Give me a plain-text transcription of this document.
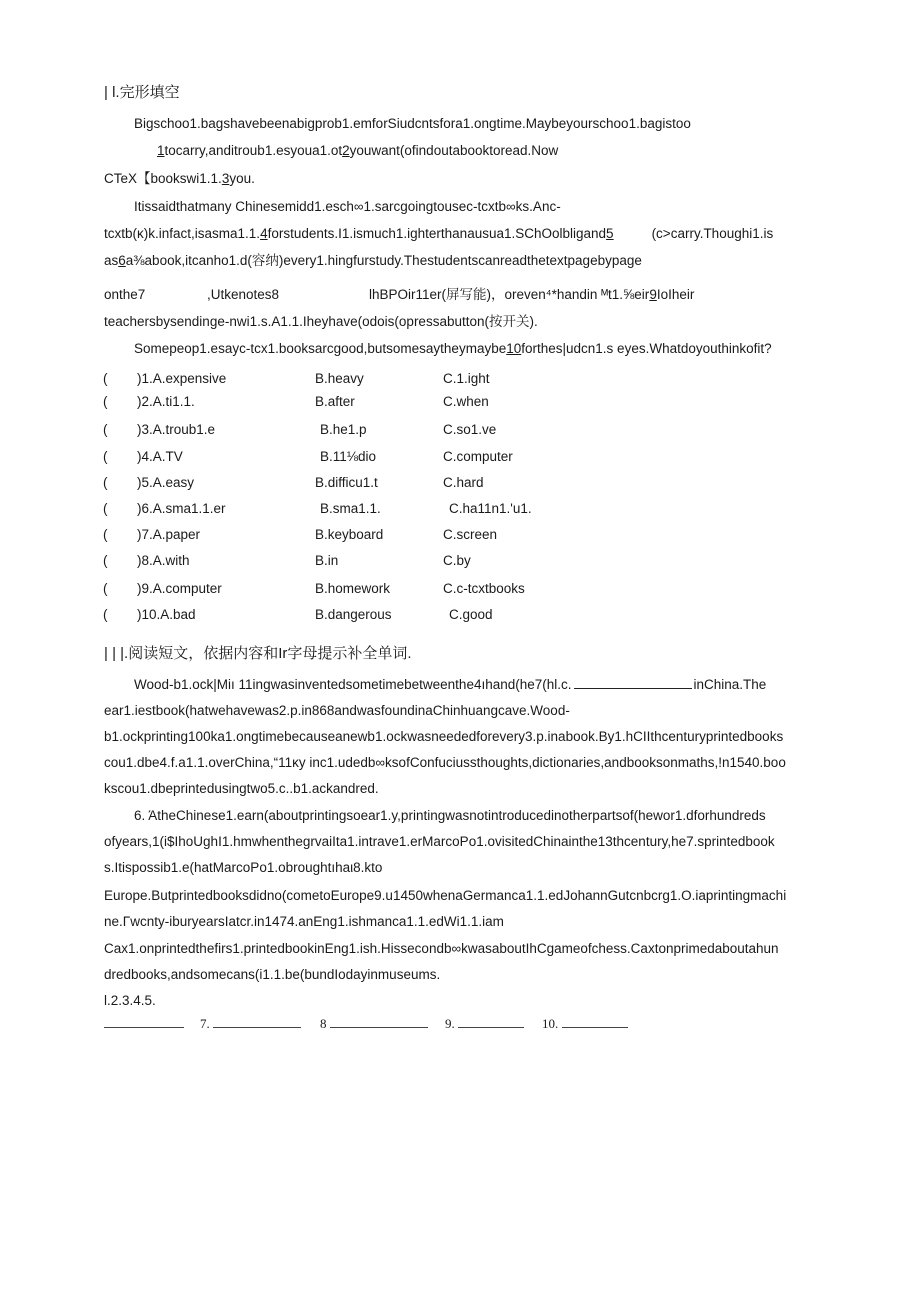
| l.完形填空
Bigschoo1.bagshavebeenabigprob1.emforSiudcntsfora1.ongtime.Maybeyourschoo1.bagistoo
1tocarry,anditroub1.esyoua1.ot2youwant(ofindoutabooktoread.Now
CTeX【bookswi1.1.3you.
Itissaidthatmany Chinesemidd1.esch∞1.sarcgoingtousec-tcxtb∞ks.Anc-
tcxtb(κ)k.infact,isasma1.1.4forstudents.I1.ismuch1.ighterthanausua1.SChOolbligand5	(c>carry.Thoughi1.is
as6a⅜abook,itcanho1.d(容纳)every1.hingfurstudy.Thestudentscanreadthetextpagebypage
onthe7	,Utkenotes8	lhBPOir11er(屏写能)，oreven⁴*handin ᴹt1.⅝eir9IoIheir
teachersbysendinge-nwi1.s.A1.1.Iheyhave(odois(opressabutton(按开关).
Somepeop1.esayc-tcx1.booksarcgood,butsomesaytheymaybe10forthes|udcn1.s eyes.Whatdoyouthinkofit?
( )1.A.expensive	B.heavy	C.1.ight
( )2.A.ti1.1.	B.after	C.when
( )3.A.troub1.e	B.he1.p	C.so1.ve
( )4.A.TV	B.11⅛dio	C.computer
( )5.A.easy	B.difficu1.t	C.hard
( )6.A.sma1.1.er	B.sma1.1.	C.ha11n1.'u1.
( )7.A.paper	B.keyboard	C.screen
( )8.A.with	B.in	C.by
( )9.A.computer	B.homework	C.c-tcxtbooks
( )10.A.bad	B.dangerous	C.good
| | |.阅读短文，依据内容和Ir字母提示补全单词.
Wood-b1.ock|Miı 11ingwasinventedsometimebetweenthe4ıhand(he7(hl.c.	inChina.The
ear1.iestbook(hatwehavewas2.p.in868andwasfoundinaChinhuangcave.Wood-
b1.ockprinting100ka1.ongtimebecauseanewb1.ockwasneededforevery3.p.inabook.By1.hCIIthcenturyprintedbooks
cou1.dbe4.f.a1.1.overChina,“11κy inc1.udedb∞ksofConfuciussthoughts,dictionaries,andbooksonmaths,!n1540.boo
kscou1.dbeprintedusingtwo5.c..b1.ackandred.
6. ΆtheChinese1.earn(aboutprintingsoear1.y,printingwasnotintroducedinotherpartsof(hewor1.dforhundreds
ofyears,1(i$IhoUghI1.hmwhenthegrvaiIta1.intrave1.erMarcoPo1.ovisitedChinainthe13thcentury,he7.sprintedbook
s.Itispossib1.e(hatMarcoPo1.obroughtıhaι8.kto
Europe.Butprintedbooksdidno(cometoEurope9.u1450whenaGermanca1.1.edJohannGutcnbcrg1.O.iaprintingmachi
ne.Γwcnty-iburyearsIatcr.in1474.anEng1.ishmanca1.1.edWi1.1.iam
Cax1.onprintedthefirs1.printedbookinEng1.ish.Hissecondb∞kwasaboutIhCgameofchess.Caxtonprimedaboutahun
dredbooks,andsomecans(i1.1.be(bundIodayinmuseums.
l.2.3.4.5.
7.	8	9.	10.
